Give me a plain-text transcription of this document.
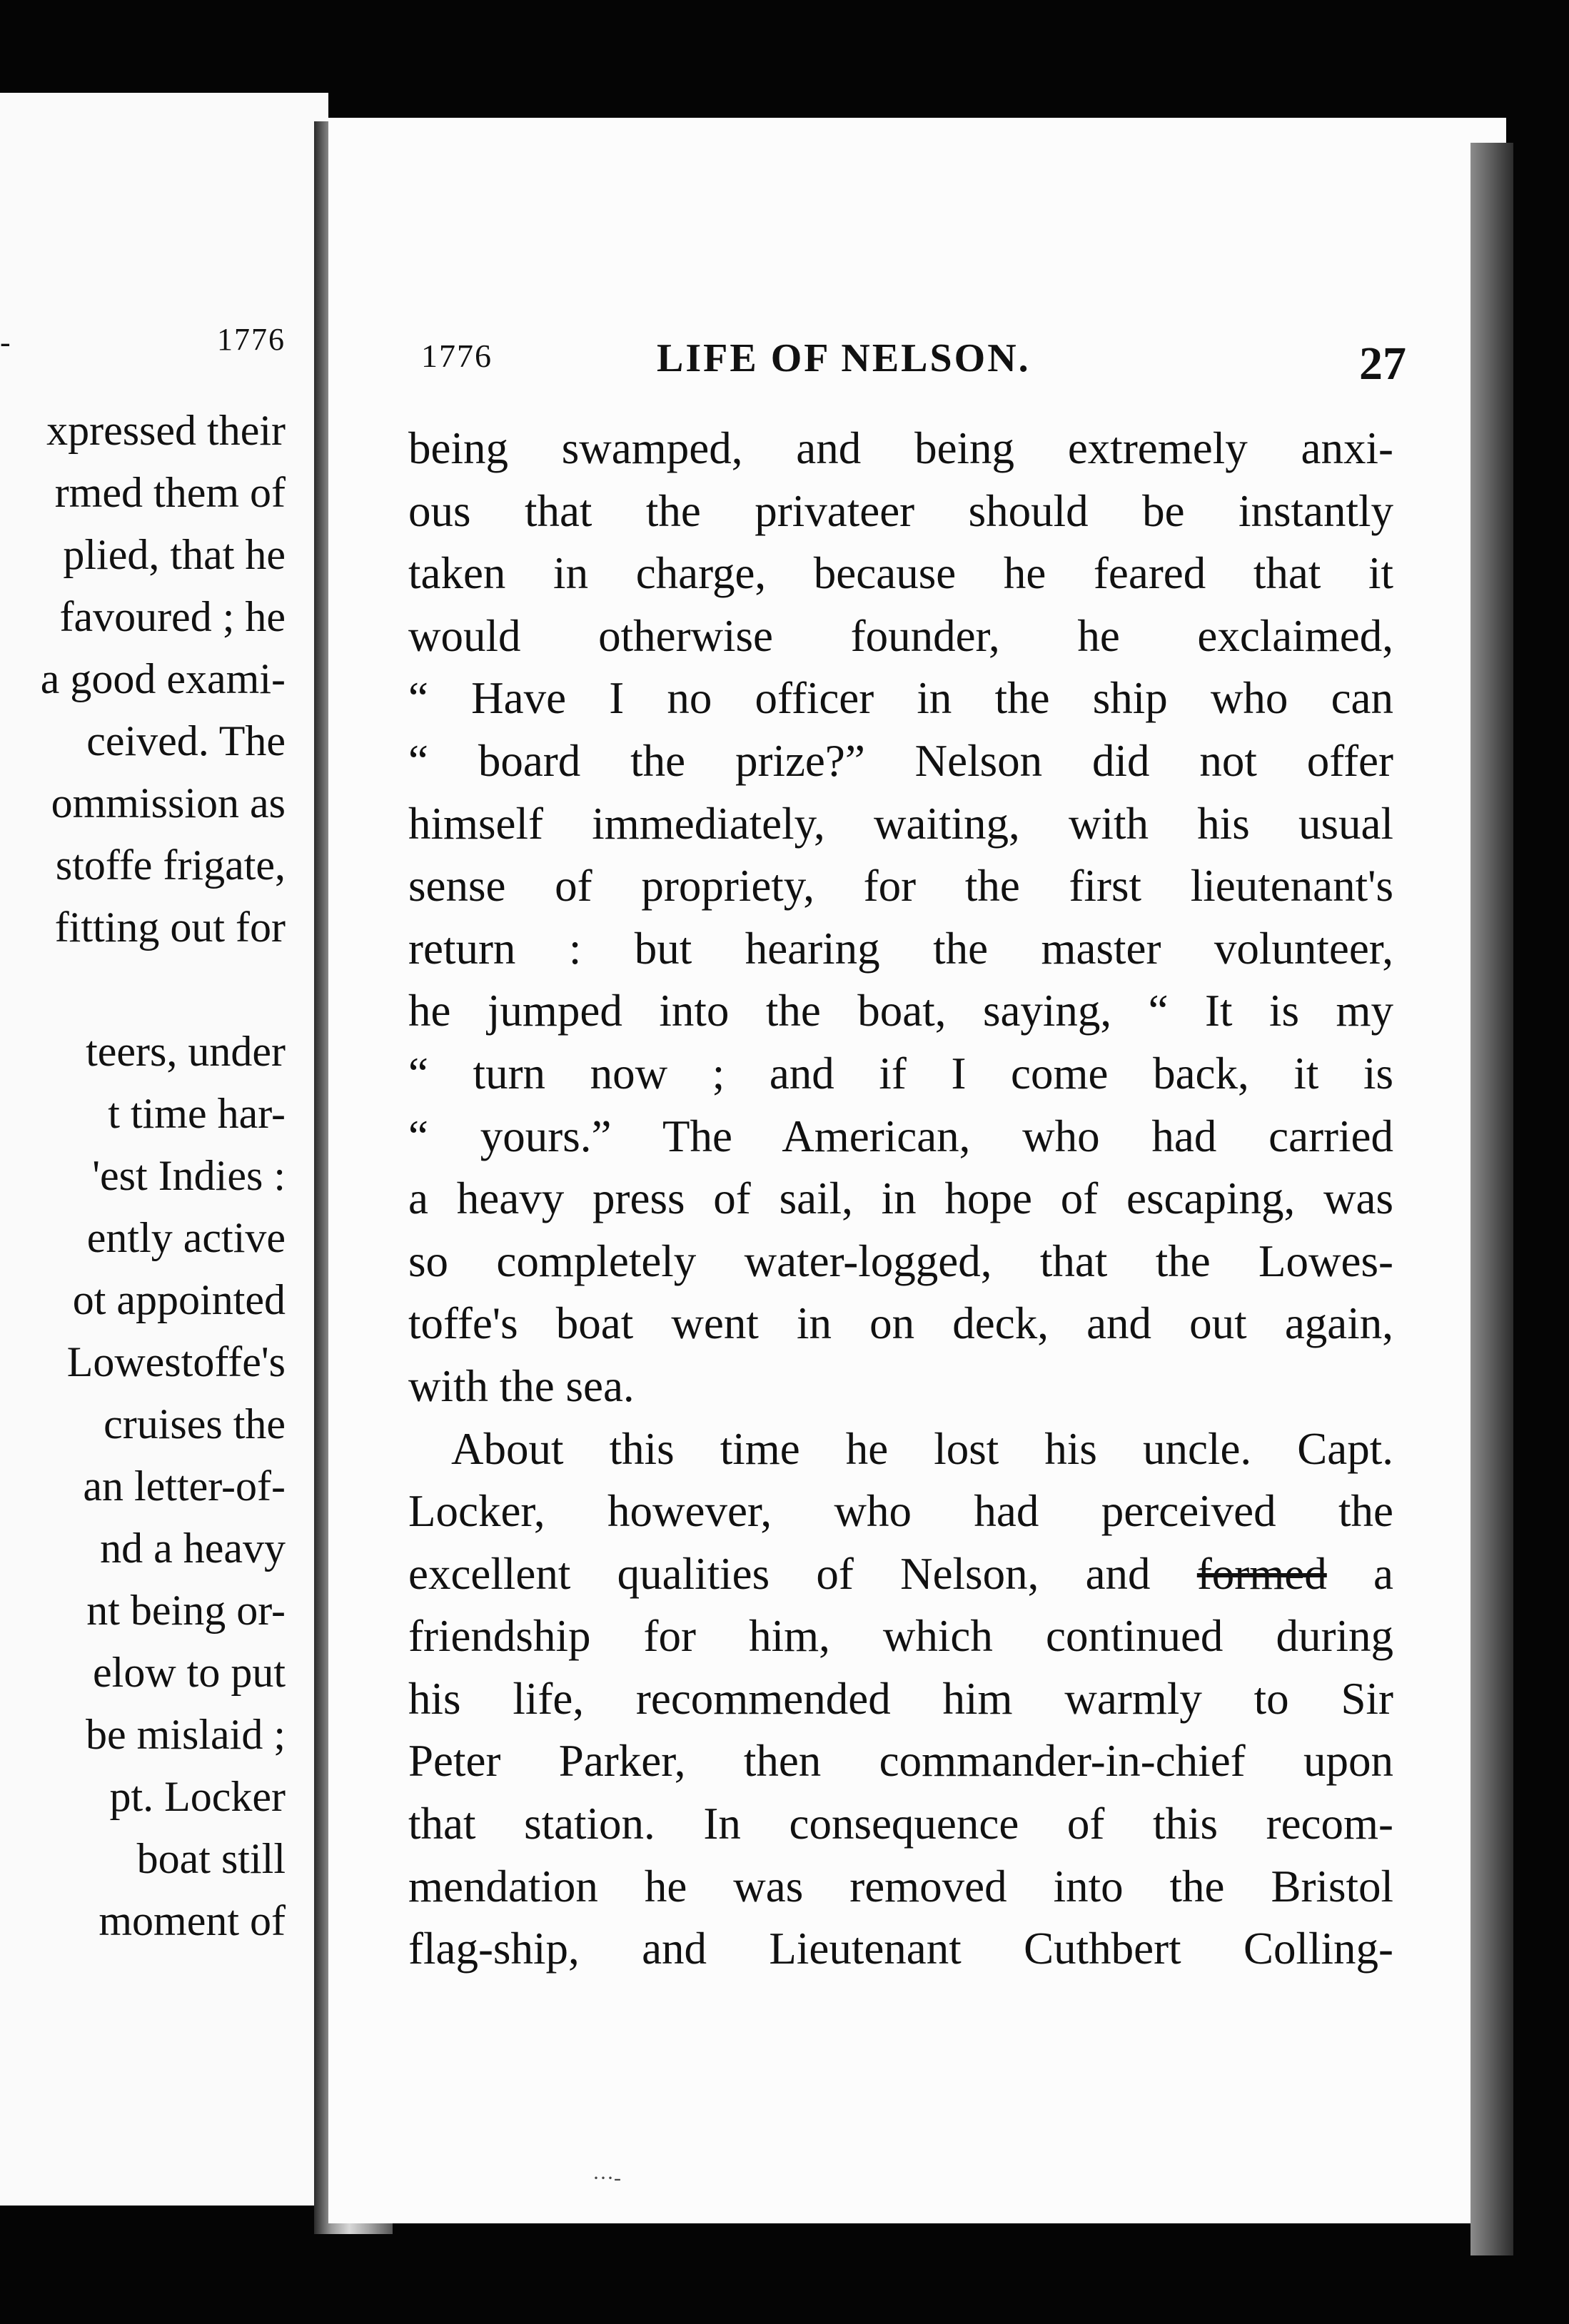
-	1776
xpressed their
rmed them of
plied, that he
favoured ; he
a good exami-
ceived. The
ommission as
stoffe frigate,
fitting out for
teers, under
t time har-
'est Indies :
ently active
ot appointed
Lowestoffe's
cruises the
an letter-of-
nd a heavy
nt being or-
elow to put
be mislaid ;
pt. Locker
boat still
moment of
1776	LIFE OF NELSON.	27
being swamped, and being extremely anxi-
ous that the privateer should be instantly
taken in charge, because he feared that it
would otherwise founder, he exclaimed,
“ Have I no officer in the ship who can
“ board the prize?” Nelson did not offer
himself immediately, waiting, with his usual
sense of propriety, for the first lieutenant's
return : but hearing the master volunteer,
he jumped into the boat, saying, “ It is my
“ turn now ; and if I come back, it is
“ yours.” The American, who had carried
a heavy press of sail, in hope of escaping, was
so completely water-logged, that the Lowes-
toffe's boat went in on deck, and out again,
with the sea.
About this time he lost his uncle. Capt.
Locker, however, who had perceived the
excellent qualities of Nelson, and formed a
friendship for him, which continued during
his life, recommended him warmly to Sir
Peter Parker, then commander-in-chief upon
that station. In consequence of this recom-
mendation he was removed into the Bristol
flag-ship, and Lieutenant Cuthbert Colling-
···-
